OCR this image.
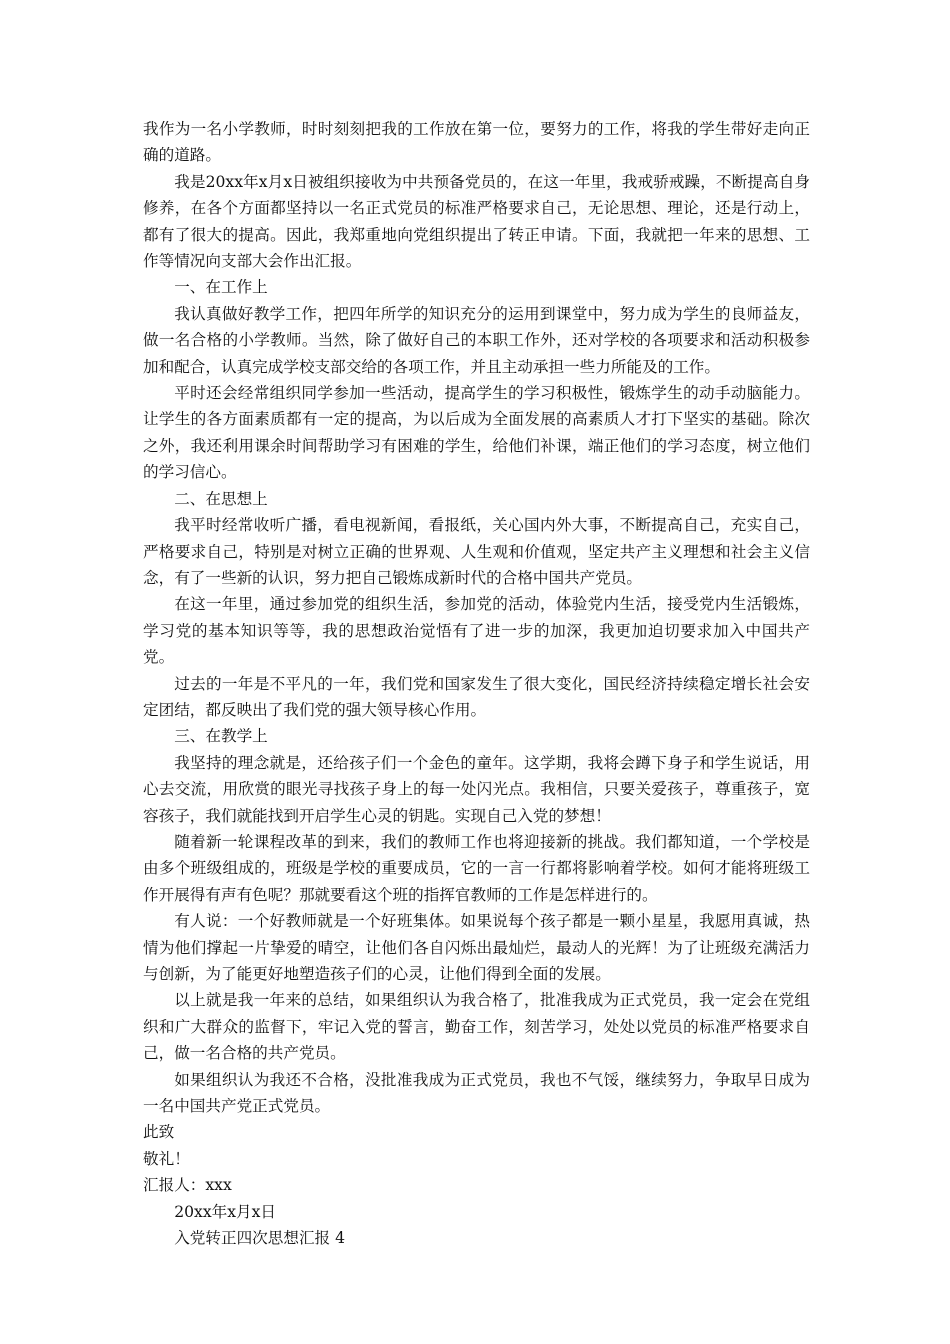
我作为一名小学教师，时时刻刻把我的工作放在第一位，要努力的工作，将我的学生带好走向正确的道路。

我是20xx年x月x日被组织接收为中共预备党员的，在这一年里，我戒骄戒躁，不断提高自身修养，在各个方面都坚持以一名正式党员的标准严格要求自己，无论思想、理论，还是行动上，都有了很大的提高。因此，我郑重地向党组织提出了转正申请。下面，我就把一年来的思想、工作等情况向支部大会作出汇报。

一、在工作上

我认真做好教学工作，把四年所学的知识充分的运用到课堂中，努力成为学生的良师益友，做一名合格的小学教师。当然，除了做好自己的本职工作外，还对学校的各项要求和活动积极参加和配合，认真完成学校支部交给的各项工作，并且主动承担一些力所能及的工作。

平时还会经常组织同学参加一些活动，提高学生的学习积极性，锻炼学生的动手动脑能力。让学生的各方面素质都有一定的提高，为以后成为全面发展的高素质人才打下坚实的基础。除次之外，我还利用课余时间帮助学习有困难的学生，给他们补课，端正他们的学习态度，树立他们的学习信心。

二、在思想上

我平时经常收听广播，看电视新闻，看报纸，关心国内外大事，不断提高自己，充实自己，严格要求自己，特别是对树立正确的世界观、人生观和价值观，坚定共产主义理想和社会主义信念，有了一些新的认识，努力把自己锻炼成新时代的合格中国共产党员。

在这一年里，通过参加党的组织生活，参加党的活动，体验党内生活，接受党内生活锻炼，学习党的基本知识等等，我的思想政治觉悟有了进一步的加深，我更加迫切要求加入中国共产党。

过去的一年是不平凡的一年，我们党和国家发生了很大变化，国民经济持续稳定增长社会安定团结，都反映出了我们党的强大领导核心作用。

三、在教学上

我坚持的理念就是，还给孩子们一个金色的童年。这学期，我将会蹲下身子和学生说话，用心去交流，用欣赏的眼光寻找孩子身上的每一处闪光点。我相信，只要关爱孩子，尊重孩子，宽容孩子，我们就能找到开启学生心灵的钥匙。实现自己入党的梦想！

随着新一轮课程改革的到来，我们的教师工作也将迎接新的挑战。我们都知道，一个学校是由多个班级组成的，班级是学校的重要成员，它的一言一行都将影响着学校。如何才能将班级工作开展得有声有色呢？那就要看这个班的指挥官教师的工作是怎样进行的。

有人说：一个好教师就是一个好班集体。如果说每个孩子都是一颗小星星，我愿用真诚，热情为他们撑起一片挚爱的晴空，让他们各自闪烁出最灿烂，最动人的光辉！为了让班级充满活力与创新，为了能更好地塑造孩子们的心灵，让他们得到全面的发展。

以上就是我一年来的总结，如果组织认为我合格了，批准我成为正式党员，我一定会在党组织和广大群众的监督下，牢记入党的誓言，勤奋工作，刻苦学习，处处以党员的标准严格要求自己，做一名合格的共产党员。

如果组织认为我还不合格，没批准我成为正式党员，我也不气馁，继续努力，争取早日成为一名中国共产党正式党员。

此致

敬礼！

汇报人：xxx

20xx年x月x日

入党转正四次思想汇报 4
